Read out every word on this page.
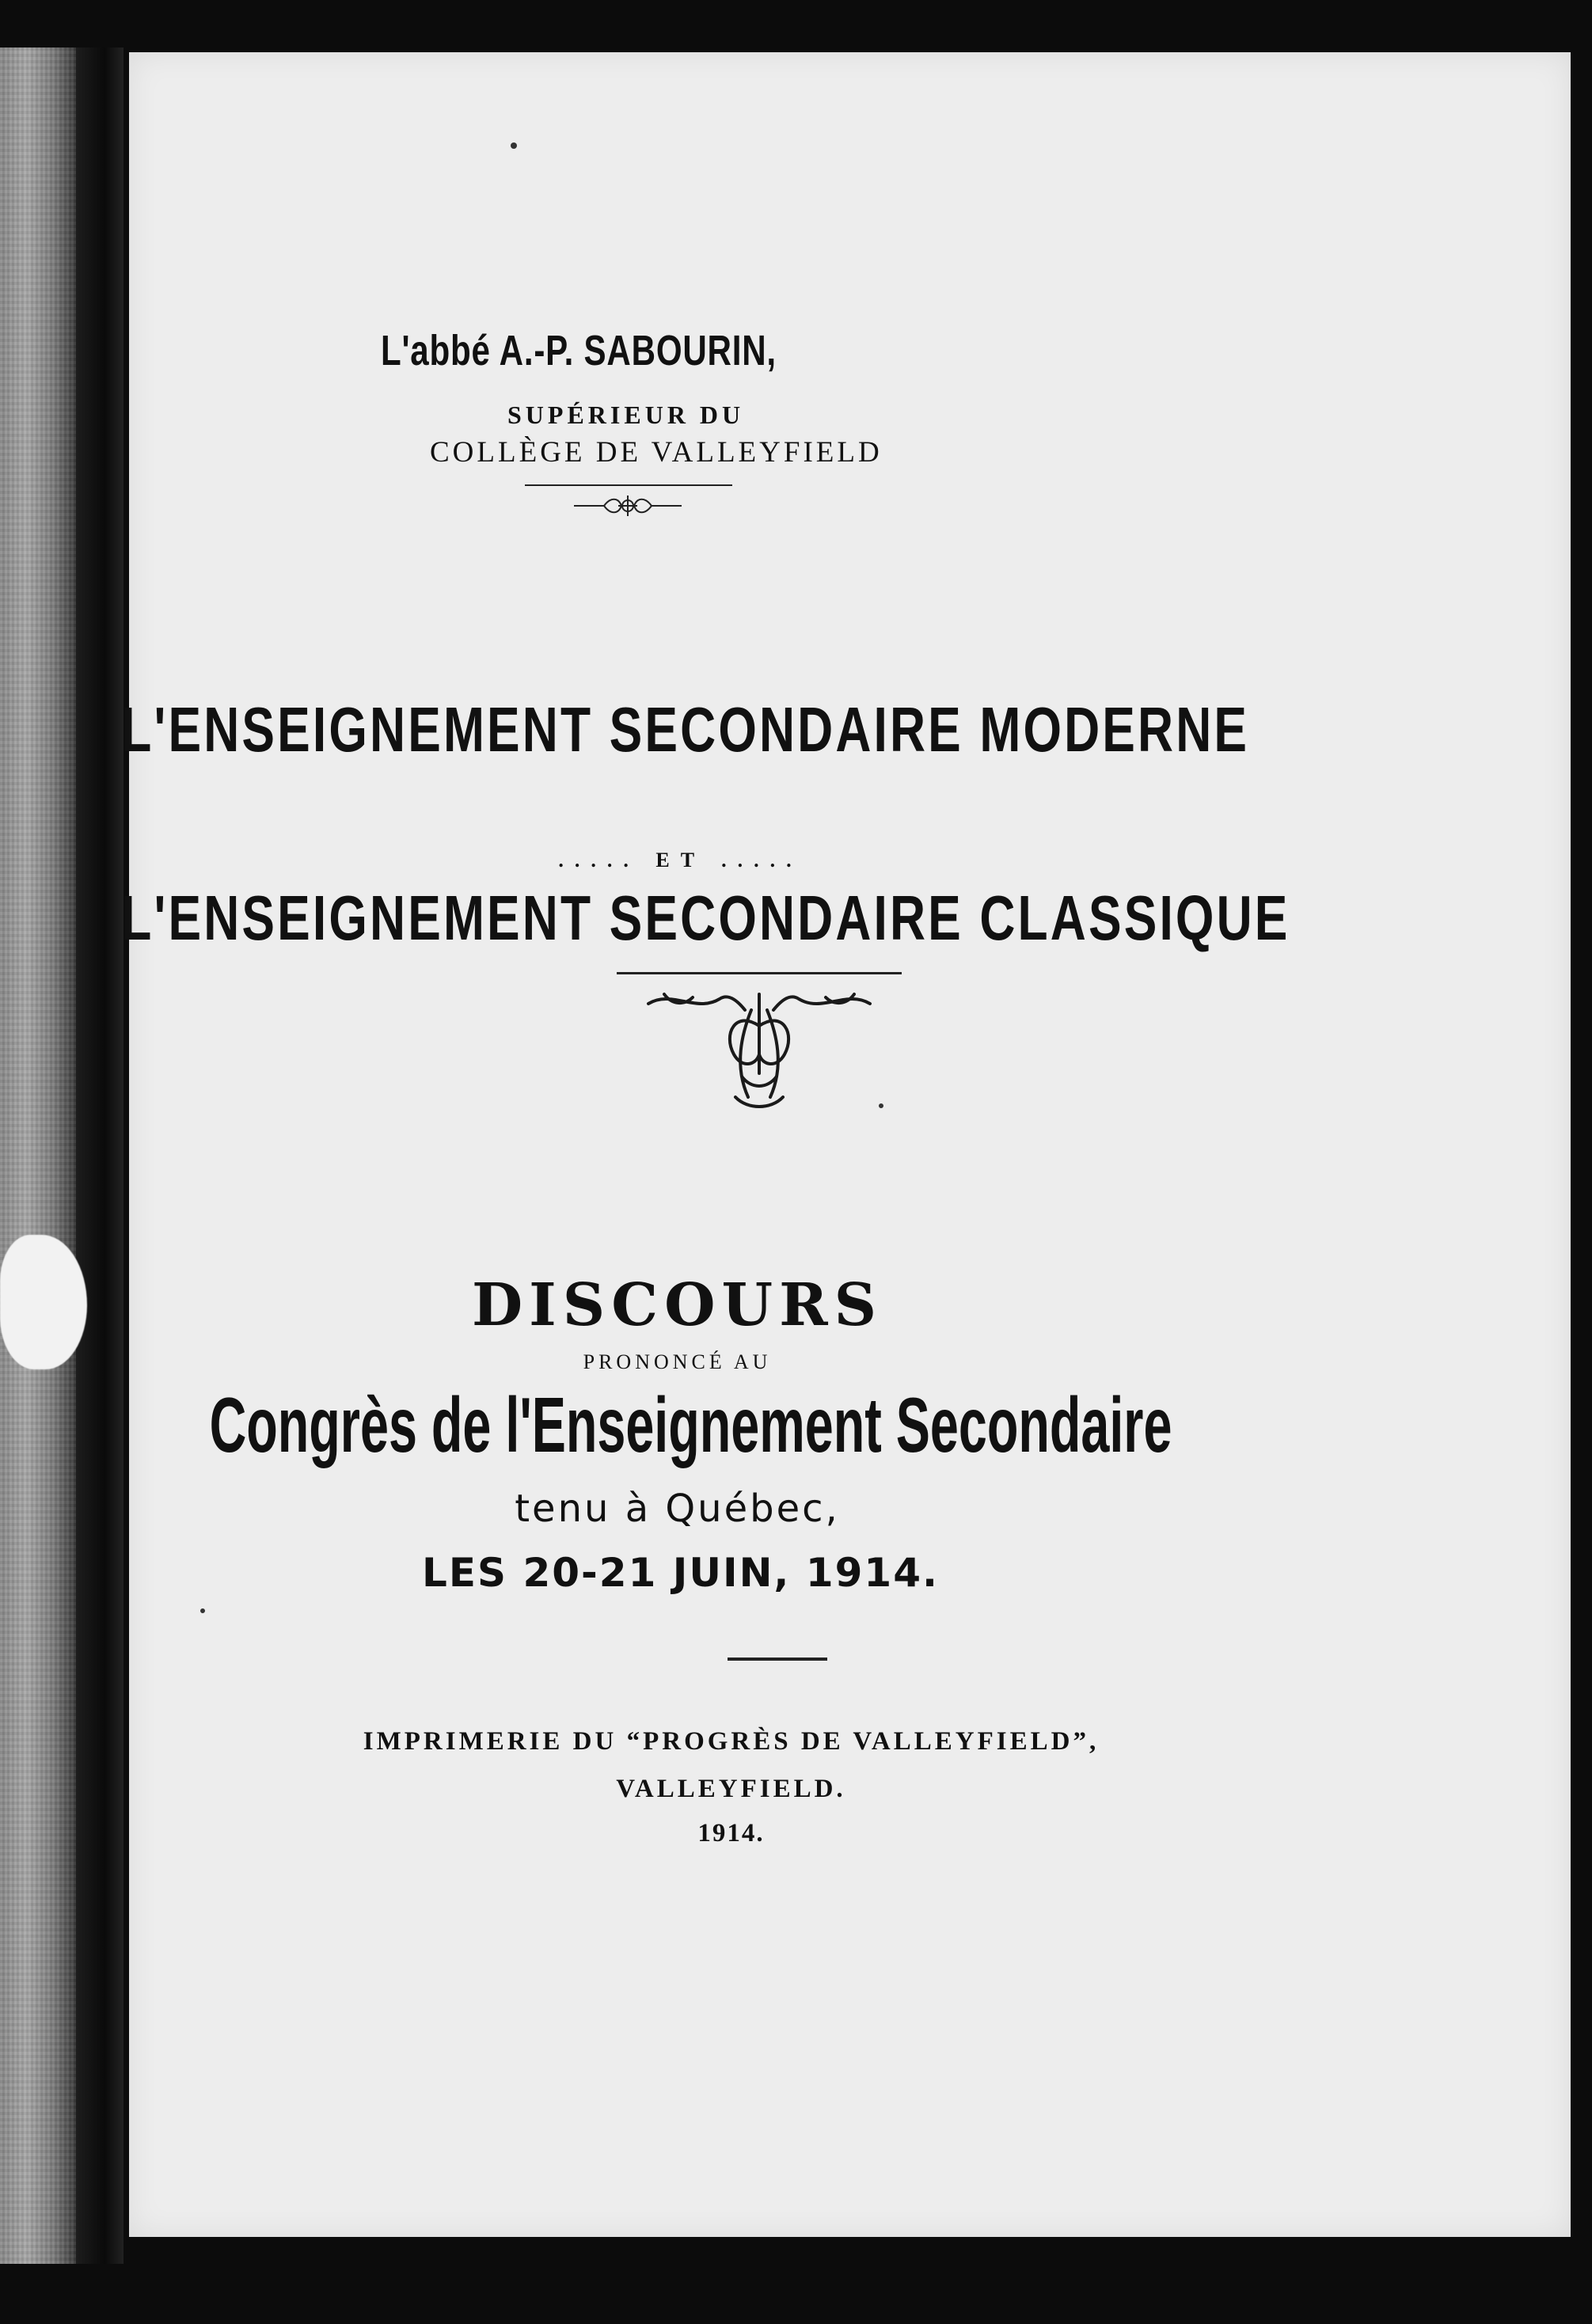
L'abbé A.-P. SABOURIN,

SUPÉRIEUR DU

COLLÈGE DE VALLEYFIELD

L'ENSEIGNEMENT SECONDAIRE MODERNE

..... ET .....

L'ENSEIGNEMENT SECONDAIRE CLASSIQUE

DISCOURS

PRONONCÉ AU

Congrès de l'Enseignement Secondaire

tenu à Québec,

LES 20-21 JUIN, 1914.

IMPRIMERIE DU “PROGRÈS DE VALLEYFIELD”,

VALLEYFIELD.

1914.
